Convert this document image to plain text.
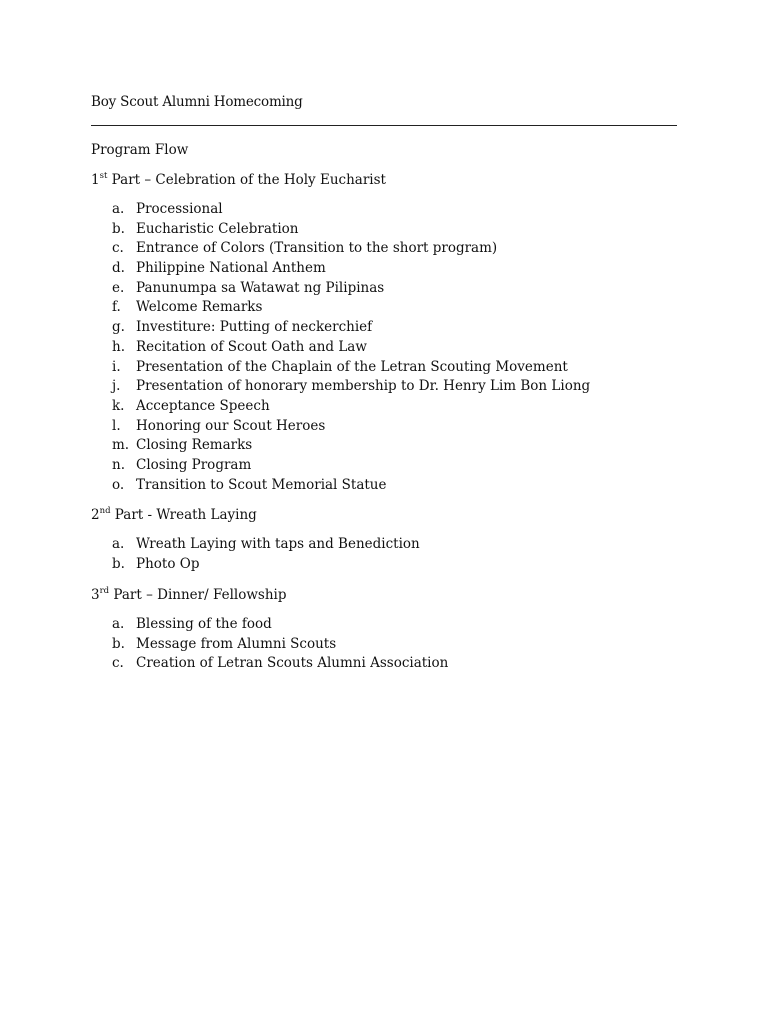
Boy Scout Alumni Homecoming
Program Flow
1st Part – Celebration of the Holy Eucharist
a. Processional
b. Eucharistic Celebration
c. Entrance of Colors (Transition to the short program)
d. Philippine National Anthem
e. Panunumpa sa Watawat ng Pilipinas
f. Welcome Remarks
g. Investiture: Putting of neckerchief
h. Recitation of Scout Oath and Law
i. Presentation of the Chaplain of the Letran Scouting Movement
j. Presentation of honorary membership to Dr. Henry Lim Bon Liong
k. Acceptance Speech
l. Honoring our Scout Heroes
m. Closing Remarks
n. Closing Program
o. Transition to Scout Memorial Statue
2nd Part - Wreath Laying
a. Wreath Laying with taps and Benediction
b. Photo Op
3rd Part – Dinner/ Fellowship
a. Blessing of the food
b. Message from Alumni Scouts
c. Creation of Letran Scouts Alumni Association
